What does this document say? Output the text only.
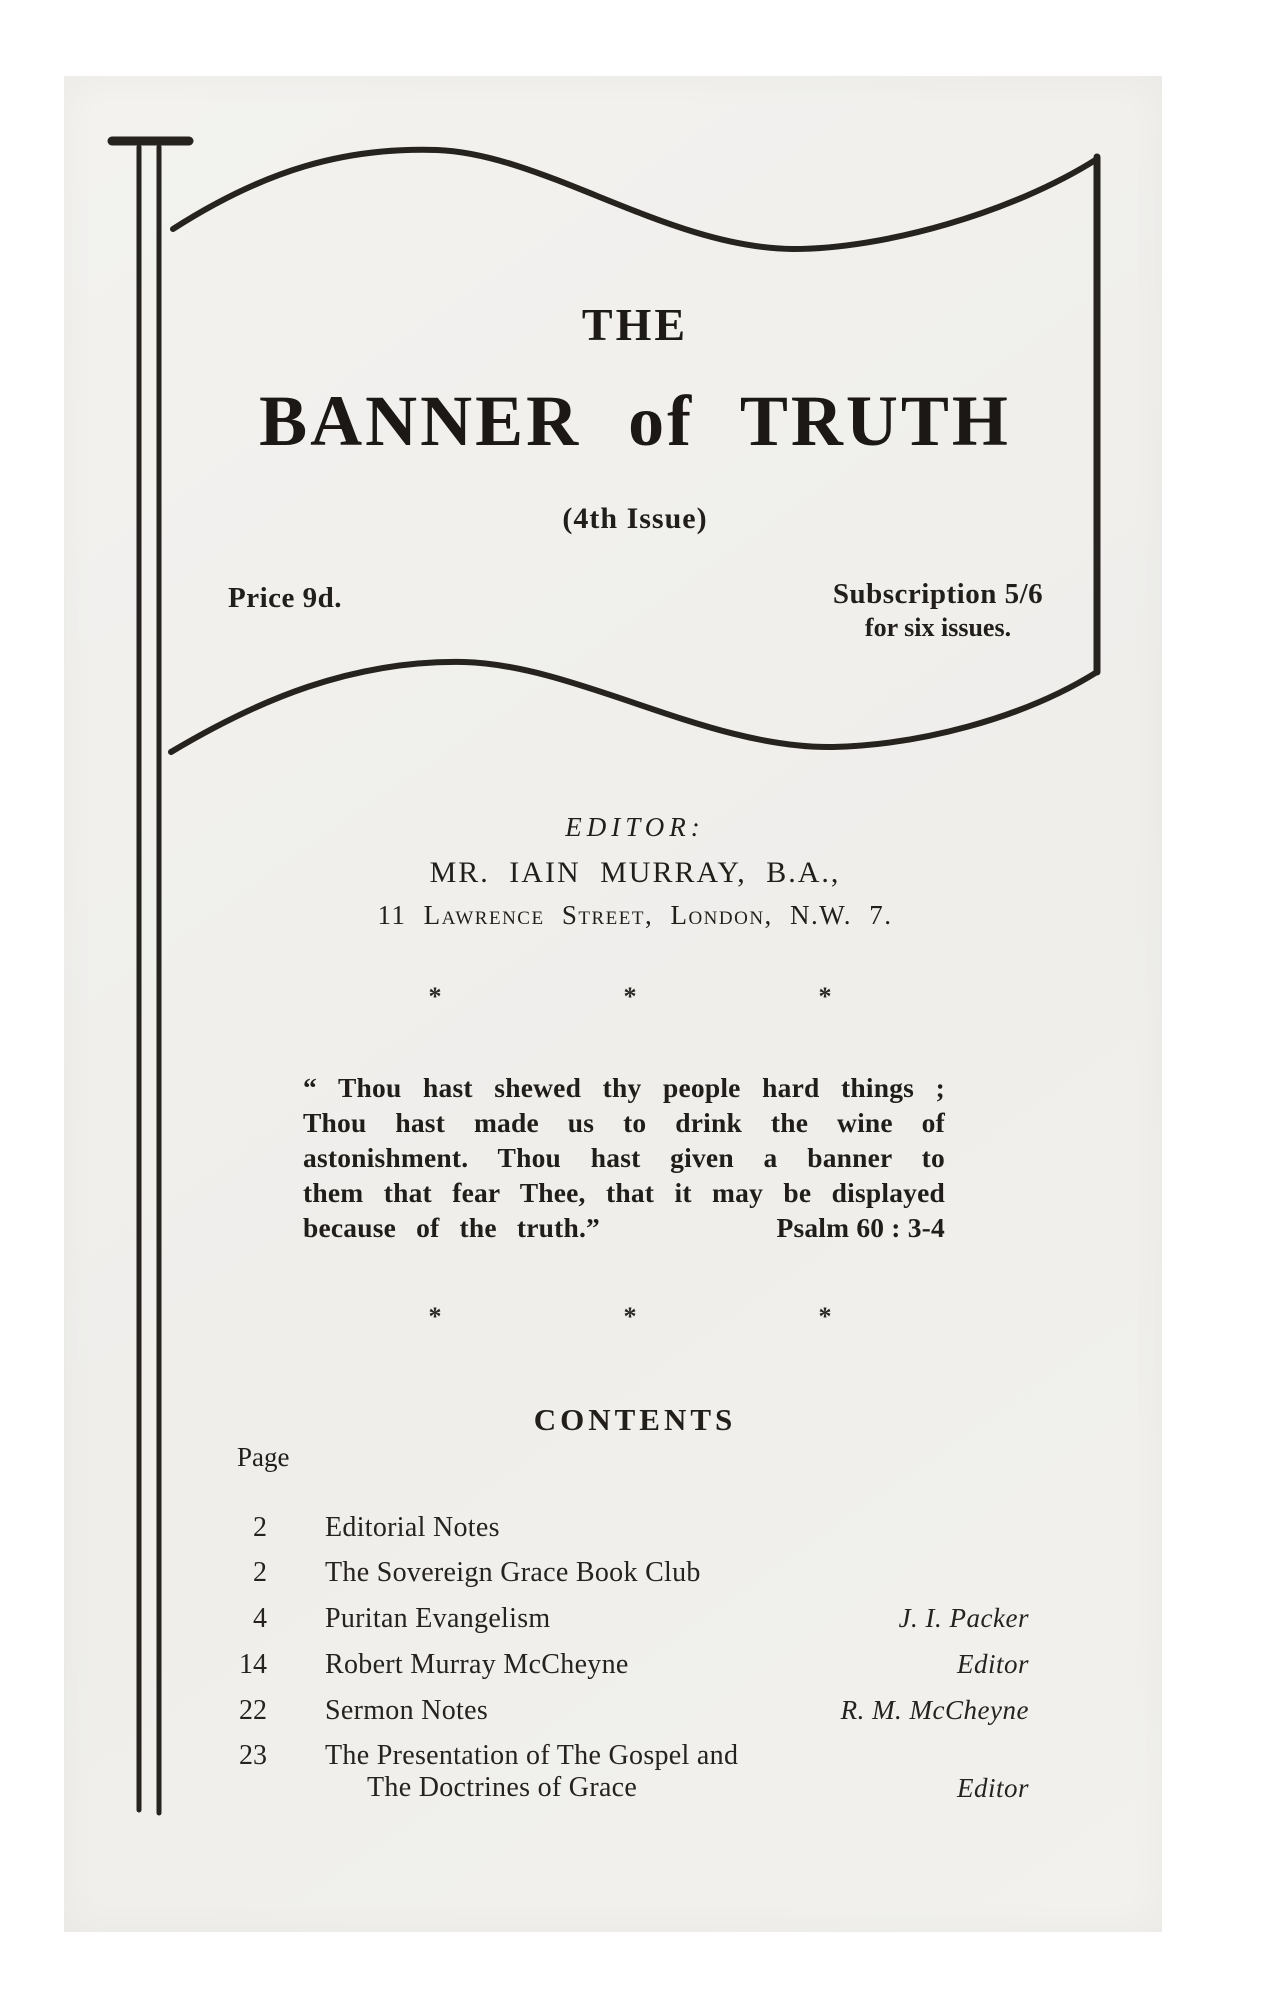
THE
BANNER of TRUTH
(4th Issue)
Price 9d.	Subscription 5/6
for six issues.
EDITOR:
MR. IAIN MURRAY, B.A.,
11 Lawrence Street, London, N.W. 7.
*	*	*
“ Thou hast shewed thy people hard things ;
Thou hast made us to drink the wine of
astonishment. Thou hast given a banner to
them that fear Thee, that it may be displayed
because of the truth.”	Psalm 60 : 3-4
*	*	*
CONTENTS
Page
2 Editorial Notes
2 The Sovereign Grace Book Club
4 Puritan Evangelism	J. I. Packer
14 Robert Murray McCheyne	Editor
22 Sermon Notes	R. M. McCheyne
23 The Presentation of The Gospel and
The Doctrines of Grace	Editor
